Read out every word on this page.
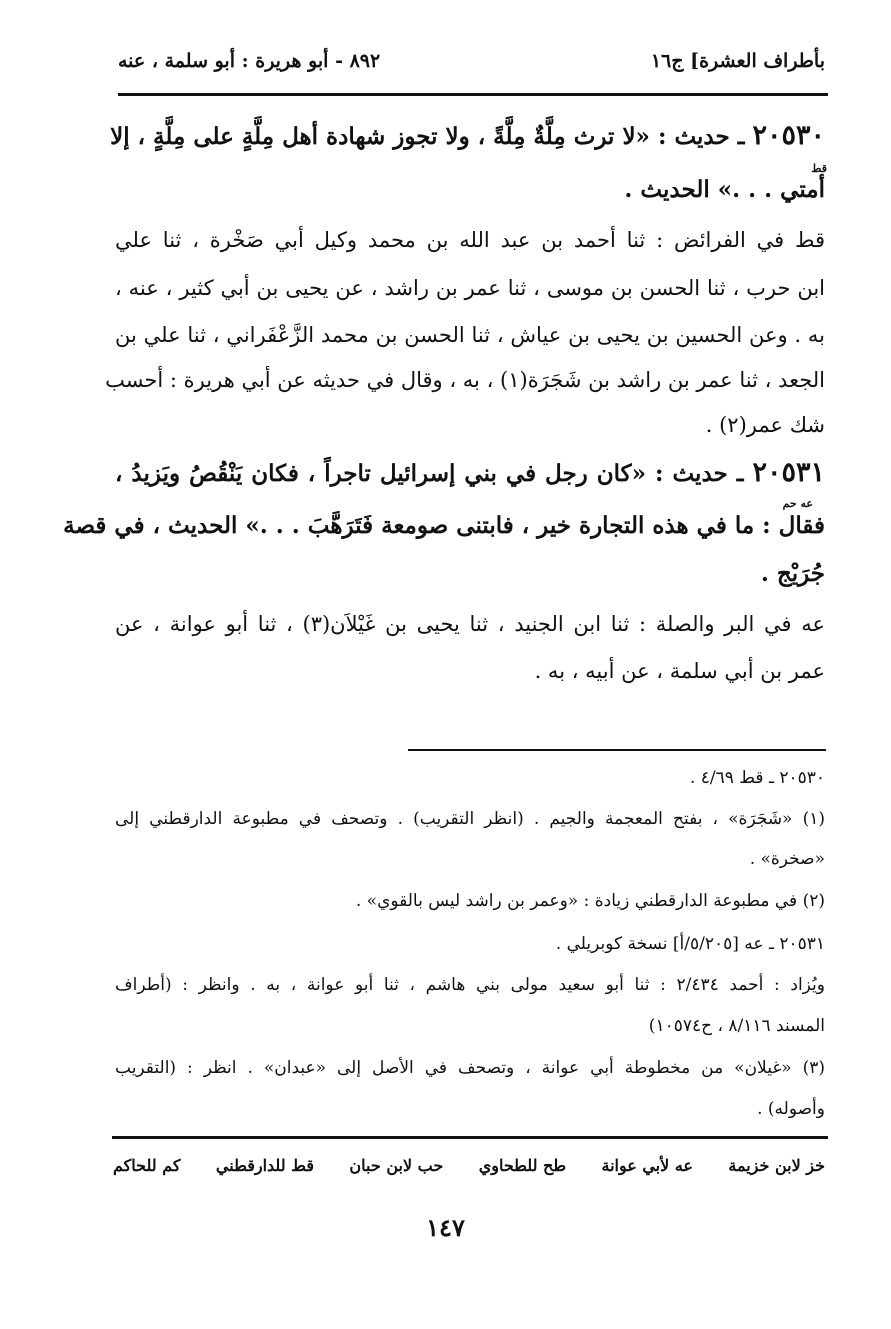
بأطراف العشرة] ج١٦
٨٩٢ - أبو هريرة : أبو سلمة ، عنه
٢٠٥٣٠ ـ حديث : «لا ترث مِلَّةٌ مِلَّةً ، ولا تجوز شهادة أهل مِلَّةٍ على مِلَّةٍ ، إلا
قط
أمتي . . .» الحديث .
قط في الفرائض : ثنا أحمد بن عبد الله بن محمد وكيل أبي صَخْرة ، ثنا علي
ابن حرب ، ثنا الحسن بن موسى ، ثنا عمر بن راشد ، عن يحيى بن أبي كثير ، عنه ،
به . وعن الحسين بن يحيى بن عياش ، ثنا الحسن بن محمد الزَّعْفَراني ، ثنا علي بن
الجعد ، ثنا عمر بن راشد بن شَجَرَة(١) ، به ، وقال في حديثه عن أبي هريرة : أحسب
شك عمر(٢) .
٢٠٥٣١ ـ حديث : «كان رجل في بني إسرائيل تاجراً ، فكان يَنْقُصُ ويَزيدُ ،
عه حم
فقال : ما في هذه التجارة خير ، فابتنى صومعة فَتَرَهَّبَ . . .» الحديث ، في قصة
جُرَيْج .
عه في البر والصلة : ثنا ابن الجنيد ، ثنا يحيى بن غَيْلاَن(٣) ، ثنا أبو عوانة ، عن
عمر بن أبي سلمة ، عن أبيه ، به .
٢٠٥٣٠ ـ قط ٤/٦٩ .
(١) «شَجَرَة» ، بفتح المعجمة والجيم . (انظر التقريب) . وتصحف في مطبوعة الدارقطني إلى
«صخرة» .
(٢) في مطبوعة الدارقطني زيادة : «وعمر بن راشد ليس بالقوي» .
٢٠٥٣١ ـ عه [٥/٢٠٥/أ] نسخة كوبريلي .
ويُزاد : أحمد ٢/٤٣٤ : ثنا أبو سعيد مولى بني هاشم ، ثنا أبو عوانة ، به . وانظر : (أطراف
المسند ٨/١١٦ ، ح١٠٥٧٤)
(٣) «غيلان» من مخطوطة أبي عوانة ، وتصحف في الأصل إلى «عبدان» . انظر : (التقريب
وأصوله) .
خز لابن خزيمة
عه لأبي عوانة
طح للطحاوي
حب لابن حبان
قط للدارقطني
كم للحاكم
١٤٧
